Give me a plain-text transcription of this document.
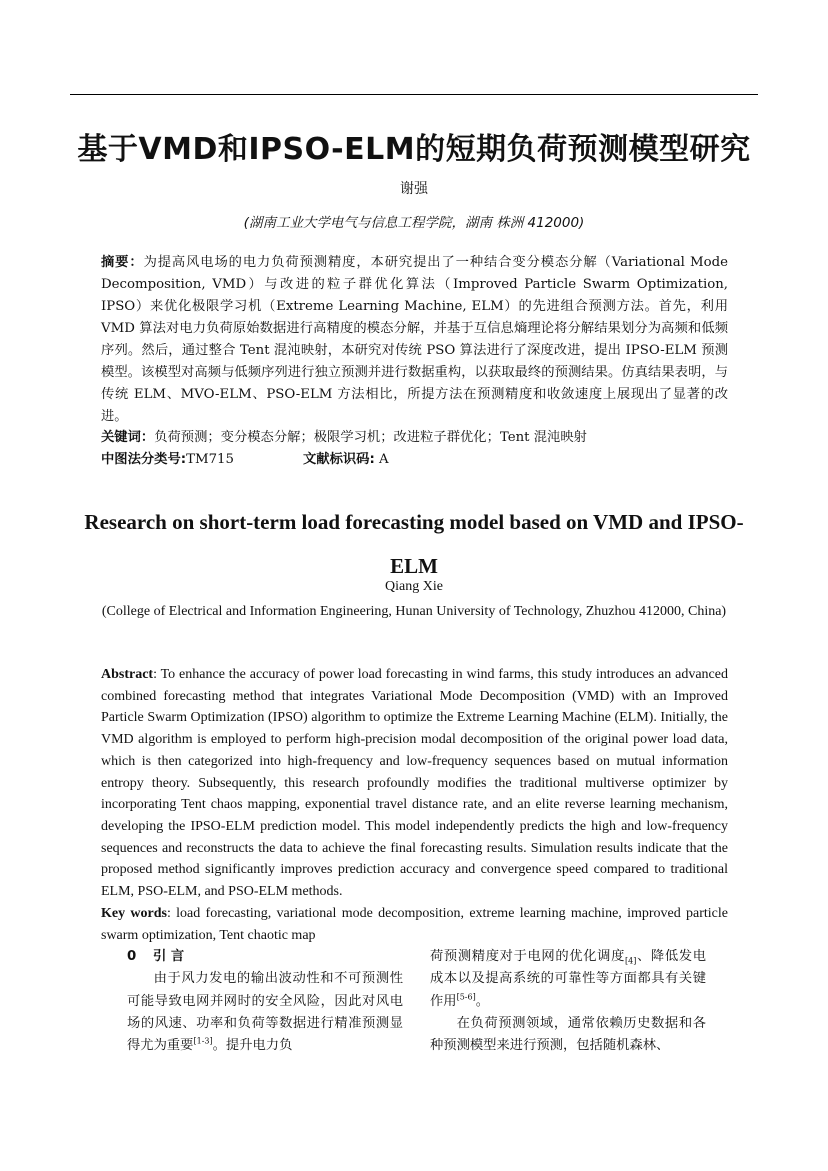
基于VMD和IPSO-ELM的短期负荷预测模型研究
谢强
(湖南工业大学电气与信息工程学院，湖南 株洲 412000)
摘要：为提高风电场的电力负荷预测精度，本研究提出了一种结合变分模态分解（Variational Mode Decomposition, VMD）与改进的粒子群优化算法（Improved Particle Swarm Optimization, IPSO）来优化极限学习机（Extreme Learning Machine, ELM）的先进组合预测方法。首先，利用 VMD 算法对电力负荷原始数据进行高精度的模态分解，并基于互信息熵理论将分解结果划分为高频和低频序列。然后，通过整合 Tent 混沌映射，本研究对传统 PSO 算法进行了深度改进，提出 IPSO-ELM 预测模型。该模型对高频与低频序列进行独立预测并进行数据重构，以获取最终的预测结果。仿真结果表明，与传统 ELM、MVO-ELM、PSO-ELM 方法相比，所提方法在预测精度和收敛速度上展现出了显著的改进。
关键词：负荷预测；变分模态分解；极限学习机；改进粒子群优化；Tent 混沌映射
中图法分类号:TM715	文献标识码: A
Research on short-term load forecasting model based on VMD and IPSO-ELM
Qiang Xie
(College of Electrical and Information Engineering, Hunan University of Technology, Zhuzhou 412000, China)
Abstract: To enhance the accuracy of power load forecasting in wind farms, this study introduces an advanced combined forecasting method that integrates Variational Mode Decomposition (VMD) with an Improved Particle Swarm Optimization (IPSO) algorithm to optimize the Extreme Learning Machine (ELM). Initially, the VMD algorithm is employed to perform high-precision modal decomposition of the original power load data, which is then categorized into high-frequency and low-frequency sequences based on mutual information entropy theory. Subsequently, this research profoundly modifies the traditional multiverse optimizer by incorporating Tent chaos mapping, exponential travel distance rate, and an elite reverse learning mechanism, developing the IPSO-ELM prediction model. This model independently predicts the high and low-frequency sequences and reconstructs the data to achieve the final forecasting results. Simulation results indicate that the proposed method significantly improves prediction accuracy and convergence speed compared to traditional ELM, PSO-ELM, and PSO-ELM methods.
Key words: load forecasting, variational mode decomposition, extreme learning machine, improved particle swarm optimization, Tent chaotic map
0 引 言

由于风力发电的输出波动性和不可预测性可能导致电网并网时的安全风险，因此对风电场的风速、功率和负荷等数据进行精准预测显得尤为重要[1-3]。提升电力负

荷预测精度对于电网的优化调度$_{[4]}$、降低发电成本以及提高系统的可靠性等方面都具有关键作用[5-6]。

在负荷预测领域，通常依赖历史数据和各种预测模型来进行预测，包括随机森林、
